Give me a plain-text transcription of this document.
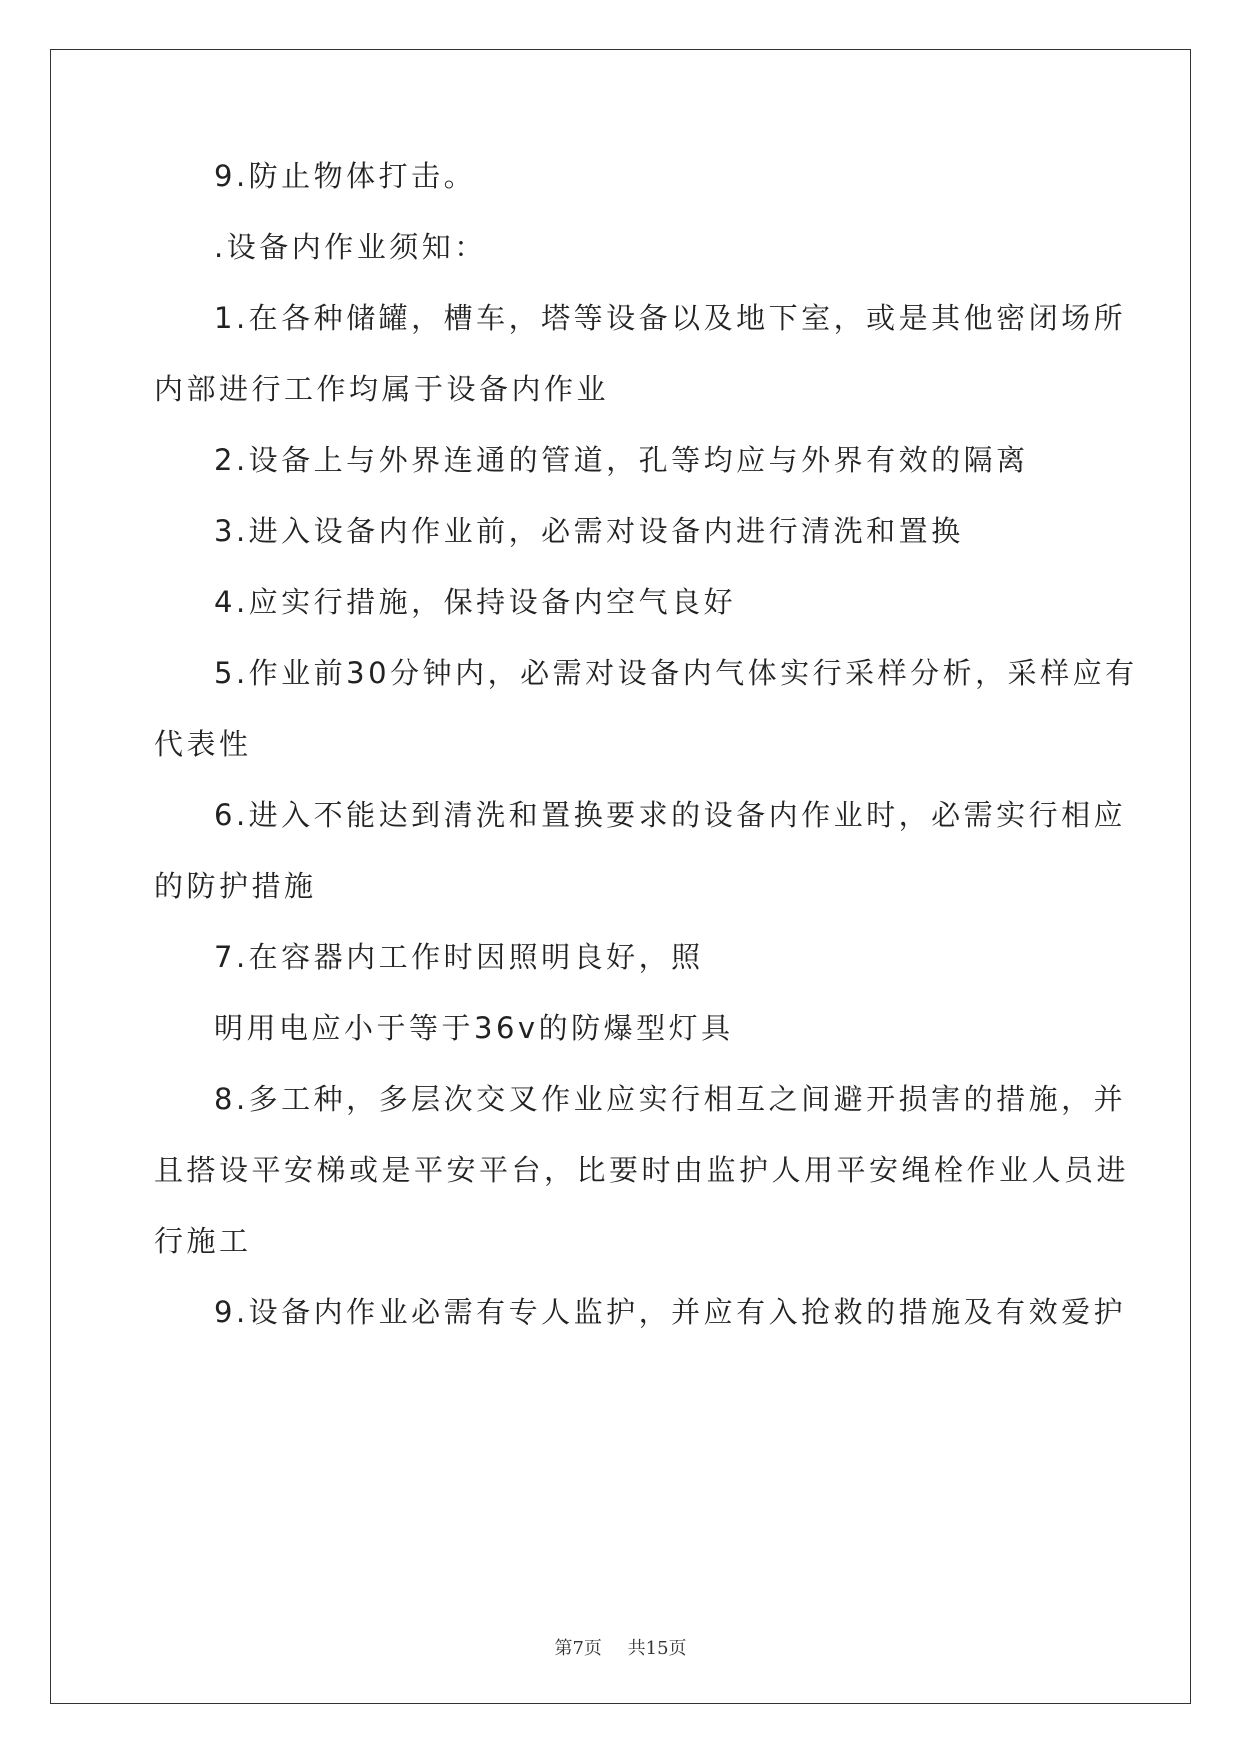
9.防止物体打击。
.设备内作业须知：
1.在各种储罐，槽车，塔等设备以及地下室，或是其他密闭场所
内部进行工作均属于设备内作业
2.设备上与外界连通的管道，孔等均应与外界有效的隔离
3.进入设备内作业前，必需对设备内进行清洗和置换
4.应实行措施，保持设备内空气良好
5.作业前30分钟内，必需对设备内气体实行采样分析，采样应有
代表性
6.进入不能达到清洗和置换要求的设备内作业时，必需实行相应
的防护措施
7.在容器内工作时因照明良好，照
明用电应小于等于36v的防爆型灯具
8.多工种，多层次交叉作业应实行相互之间避开损害的措施，并
且搭设平安梯或是平安平台，比要时由监护人用平安绳栓作业人员进
行施工
9.设备内作业必需有专人监护，并应有入抢救的措施及有效爱护
第7页 共15页
